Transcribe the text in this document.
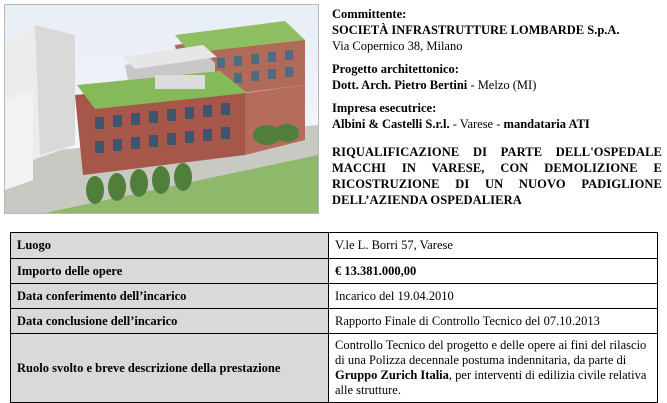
Committente:
SOCIETÀ INFRASTRUTTURE LOMBARDE S.p.A.
Via Copernico 38, Milano
Progetto architettonico:
Dott. Arch. Pietro Bertini - Melzo (MI)
Impresa esecutrice:
Albini & Castelli S.r.l. - Varese - mandataria ATI
RIQUALIFICAZIONE DI PARTE DELL'OSPEDALE MACCHI IN VARESE, CON DEMOLIZIONE E RICOSTRUZIONE DI UN NUOVO PADIGLIONE DELL’AZIENDA OSPEDALIERA
Luogo	V.le L. Borri 57, Varese
Importo delle opere	€ 13.381.000,00
Data conferimento dell’incarico	Incarico del 19.04.2010
Data conclusione dell’incarico	Rapporto Finale di Controllo Tecnico del 07.10.2013
Ruolo svolto e breve descrizione della prestazione	Controllo Tecnico del progetto e delle opere ai fini del rilascio di una Polizza decennale postuma indennitaria, da parte di Gruppo Zurich Italia, per interventi di edilizia civile relativa alle strutture.
